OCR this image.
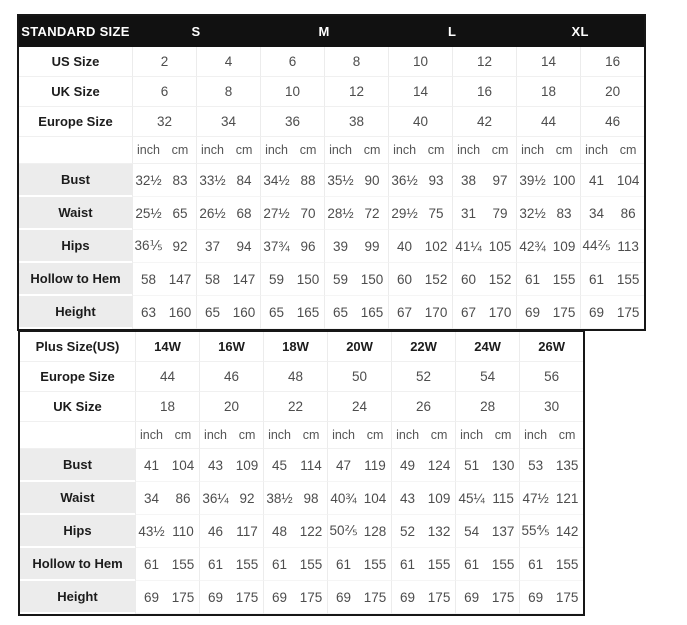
STANDARD SIZE	S				M				L				XL			
US Size	2		4		6		8		10		12		14		16	
UK Size	6		8		10		12		14		16		18		20	
Europe Size	32		34		36		38		40		42		44		46	
	inch	cm	inch	cm	inch	cm	inch	cm	inch	cm	inch	cm	inch	cm	inch	cm
Bust	32½	83	33½	84	34½	88	35½	90	36½	93	38	97	39½	100	41	104
Waist	25½	65	26½	68	27½	70	28½	72	29½	75	31	79	32½	83	34	86
Hips	36⅕	92	37	94	37¾	96	39	99	40	102	41¼	105	42¾	109	44⅖	113
Hollow to Hem	58	147	58	147	59	150	59	150	60	152	60	152	61	155	61	155
Height	63	160	65	160	65	165	65	165	67	170	67	170	69	175	69	175
Plus Size(US)	14W		16W		18W		20W		22W		24W		26W	
Europe Size	44		46		48		50		52		54		56	
UK Size	18		20		22		24		26		28		30	
	inch	cm	inch	cm	inch	cm	inch	cm	inch	cm	inch	cm	inch	cm
Bust	41	104	43	109	45	114	47	119	49	124	51	130	53	135
Waist	34	86	36¼	92	38½	98	40¾	104	43	109	45¼	115	47½	121
Hips	43½	110	46	117	48	122	50⅖	128	52	132	54	137	55⅘	142
Hollow to Hem	61	155	61	155	61	155	61	155	61	155	61	155	61	155
Height	69	175	69	175	69	175	69	175	69	175	69	175	69	175
